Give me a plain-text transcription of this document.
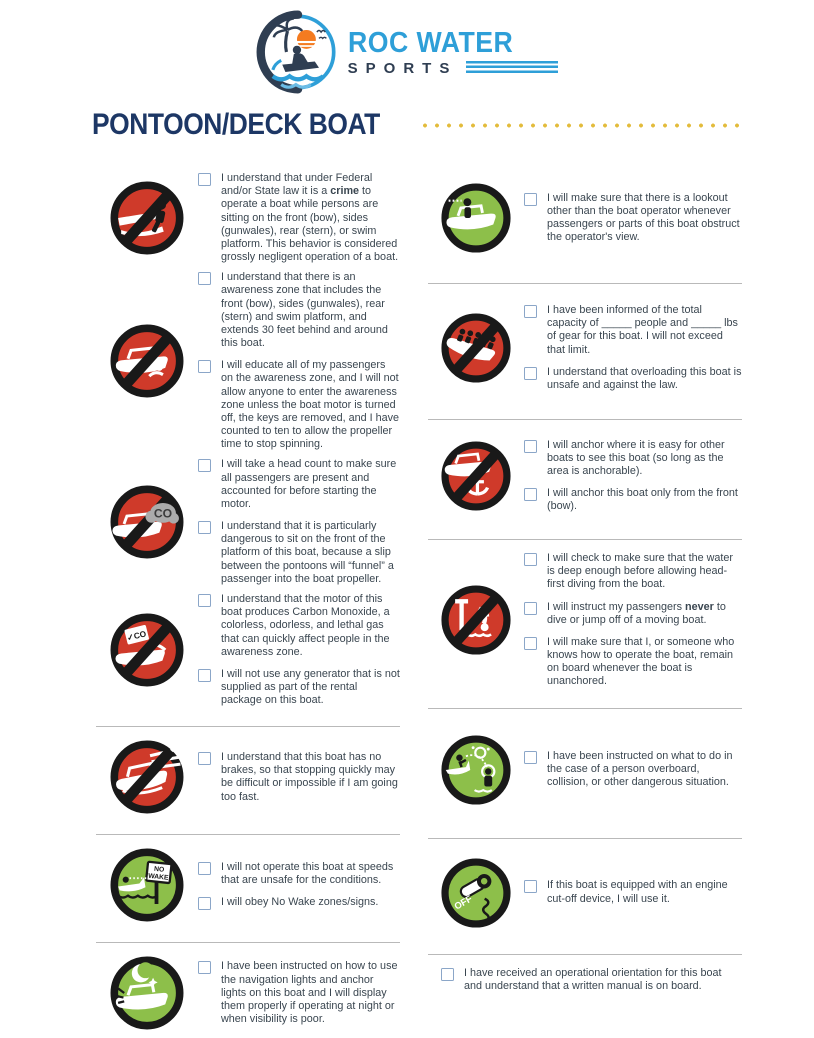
ROC WATER
SPORTS
PONTOON/DECK BOAT

I understand that under Federal and/or State law it is a crime to operate a boat while persons are sitting on the front (bow), sides (gunwales), rear (stern), or swim platform. This behavior is considered grossly negligent operation of a boat.

I understand that there is an awareness zone that includes the front (bow), sides (gunwales), rear (stern) and swim platform, and extends 30 feet behind and around this boat.

I will educate all of my passengers on the awareness zone, and I will not allow anyone to enter the awareness zone unless the boat motor is turned off, the keys are removed, and I have counted to ten to allow the propeller time to stop spinning.

CO

I will take a head count to make sure all passengers are present and accounted for before starting the motor.

I understand that it is particularly dangerous to sit on the front of the platform of this boat, because a slip between the pontoons will “funnel” a passenger into the boat propeller.

✓CO

I understand that the motor of this boat produces Carbon Monoxide, a colorless, odorless, and lethal gas that can quickly affect people in the awareness zone.

I will not use any generator that is not supplied as part of the rental package on this boat.

I understand that this boat has no brakes, so that stopping quickly may be difficult or impossible if I am going too fast.

NO
WAKE

I will not operate this boat at speeds that are unsafe for the conditions.

I will obey No Wake zones/signs.

I have been instructed on how to use the navigation lights and anchor lights on this boat and I will display them properly if operating at night or when visibility is poor.

I will make sure that there is a lookout other than the boat operator whenever passengers or parts of this boat obstruct the operator's view.

I have been informed of the total capacity of _____ people and _____ lbs of gear for this boat. I will not exceed that limit.

I understand that overloading this boat is unsafe and against the law.

I will anchor where it is easy for other boats to see this boat (so long as the area is anchorable).

I will anchor this boat only from the front (bow).

I will check to make sure that the water is deep enough before allowing head-first diving from the boat.

I will instruct my passengers never to dive or jump off of a moving boat.

I will make sure that I, or someone who knows how to operate the boat, remain on board whenever the boat is unanchored.

I have been instructed on what to do in the case of a person overboard, collision, or other dangerous situation.

OFF

If this boat is equipped with an engine cut-off device, I will use it.

I have received an operational orientation for this boat and understand that a written manual is on board.
